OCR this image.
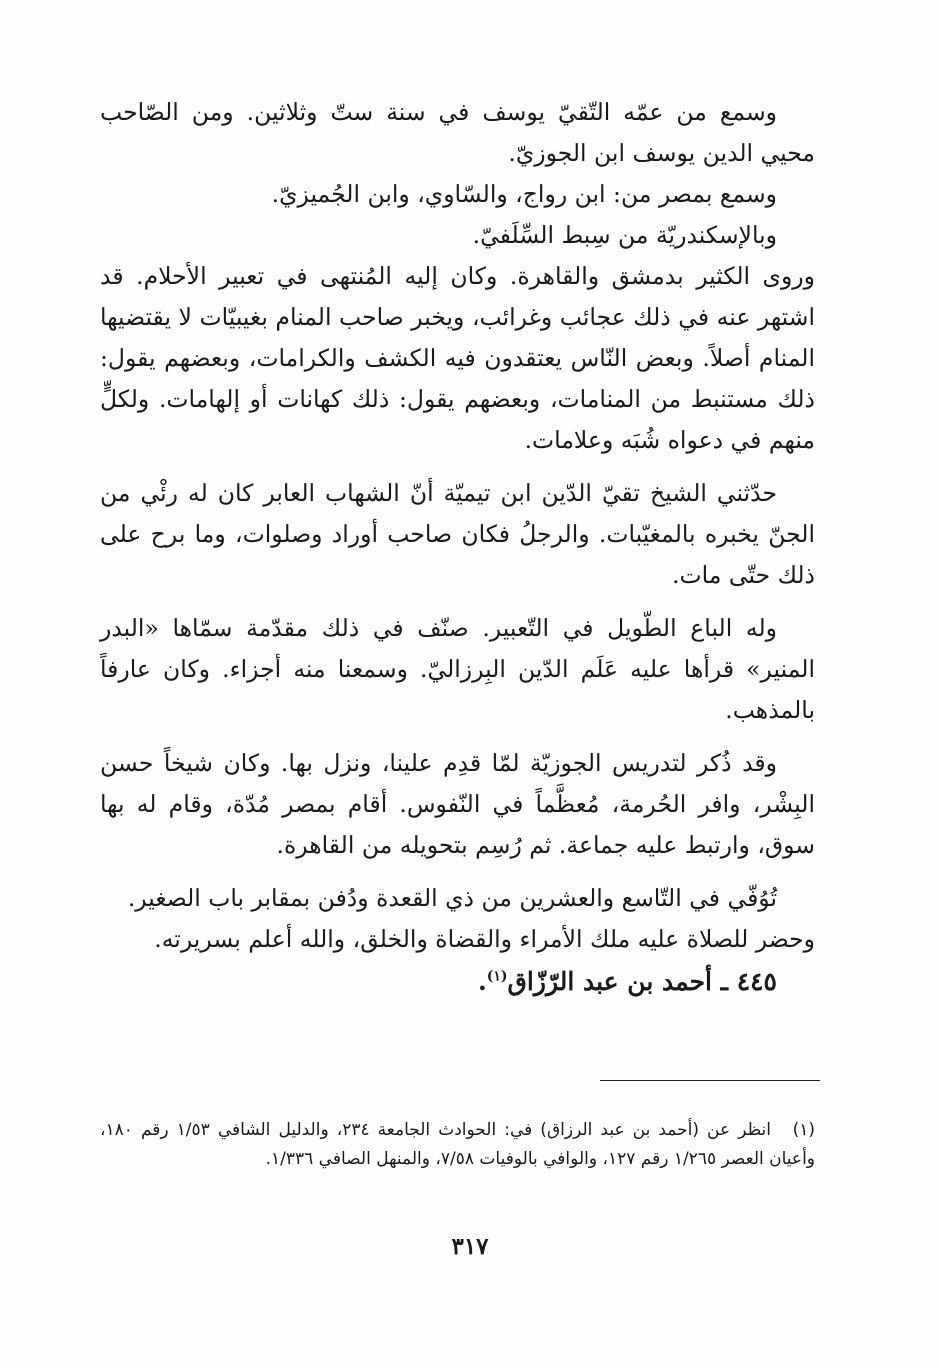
وسمع من عمّه التّقيّ يوسف في سنة ستّ وثلاثين. ومن الصّاحب محيي الدين يوسف ابن الجوزيّ.

وسمع بمصر من: ابن رواج، والسّاوي، وابن الجُميزيّ.

وبالإسكندريّة من سِبط السِّلَفيّ.

وروى الكثير بدمشق والقاهرة. وكان إليه المُنتهى في تعبير الأحلام. قد اشتهر عنه في ذلك عجائب وغرائب، ويخبر صاحب المنام بغيبيّات لا يقتضيها المنام أصلاً. وبعض النّاس يعتقدون فيه الكشف والكرامات، وبعضهم يقول: ذلك مستنبط من المنامات، وبعضهم يقول: ذلك كهانات أو إلهامات. ولكلٍّ منهم في دعواه شُبَه وعلامات.

حدّثني الشيخ تقيّ الدّين ابن تيميّة أنّ الشهاب العابر كان له رئْي من الجنّ يخبره بالمغيّبات. والرجلُ فكان صاحب أوراد وصلوات، وما برح على ذلك حتّى مات.

وله الباع الطّويل في التّعبير. صنّف في ذلك مقدّمة سمّاها «البدر المنير» قرأها عليه عَلَم الدّين البِرزاليّ. وسمعنا منه أجزاء. وكان عارفاً بالمذهب.

وقد ذُكر لتدريس الجوزيّة لمّا قدِم علينا، ونزل بها. وكان شيخاً حسن البِشْر، وافر الحُرمة، مُعظَّماً في النّفوس. أقام بمصر مُدّة، وقام له بها سوق، وارتبط عليه جماعة. ثم رُسِم بتحويله من القاهرة.

تُوُفّي في التّاسع والعشرين من ذي القعدة ودُفن بمقابر باب الصغير.

وحضر للصلاة عليه ملك الأمراء والقضاة والخلق، والله أعلم بسريرته.

٤٤٥ ـ أحمد بن عبد الرّزّاق$^{(١)}$.

(١)انظر عن (أحمد بن عبد الرزاق) في: الحوادث الجامعة ٢٣٤، والدليل الشافي ١/٥٣ رقم ١٨٠، وأعيان العصر ١/٢٦٥ رقم ١٢٧، والوافي بالوفيات ٧/٥٨، والمنهل الصافي ١/٣٣٦.

٣١٧
